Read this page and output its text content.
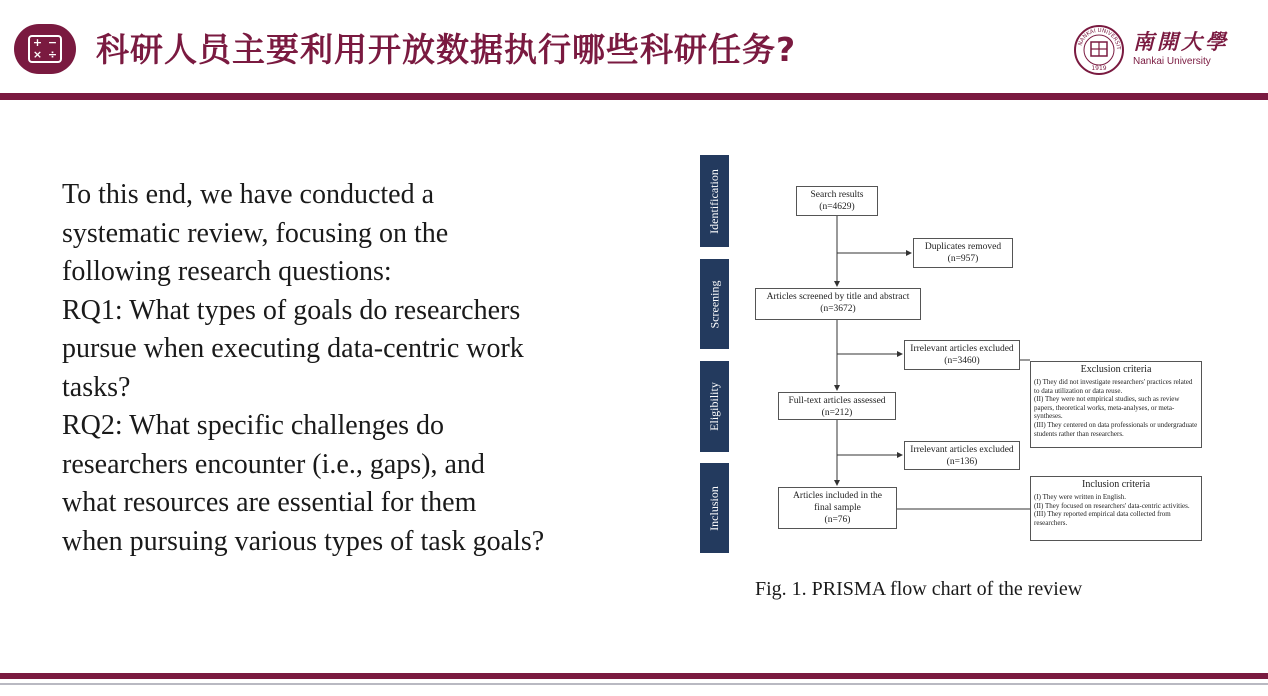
+ −
× ÷ 科研人员主要利用开放数据执行哪些科研任务?	NANKAI UNIVERSIT
1919
南開大學
Nankai University
To this end, we have conducted a
systematic review, focusing on the
following research questions:
RQ1: What types of goals do researchers
pursue when executing data-centric work
tasks?
RQ2: What specific challenges do
researchers encounter (i.e., gaps), and
what resources are essential for them
when pursuing various types of task goals?
Identification
Screening
Eligibility
Inclusion
Search results
(n=4629)
Duplicates removed
(n=957)
Articles screened by title and abstract
(n=3672)
Irrelevant articles excluded
(n=3460)
Exclusion criteria
(I) They did not investigate researchers' practices related to data utilization or data reuse.
(II) They were not empirical studies, such as review papers, theoretical works, meta-analyses, or meta-syntheses.
(III) They centered on data professionals or undergraduate students rather than researchers.
Full-text articles assessed
(n=212)
Irrelevant articles excluded
(n=136)
Articles included in the
final sample
(n=76)
Inclusion criteria
(I) They were written in English.
(II) They focused on researchers' data-centric activities.
(III) They reported empirical data collected from researchers.
Fig. 1. PRISMA flow chart of the review
